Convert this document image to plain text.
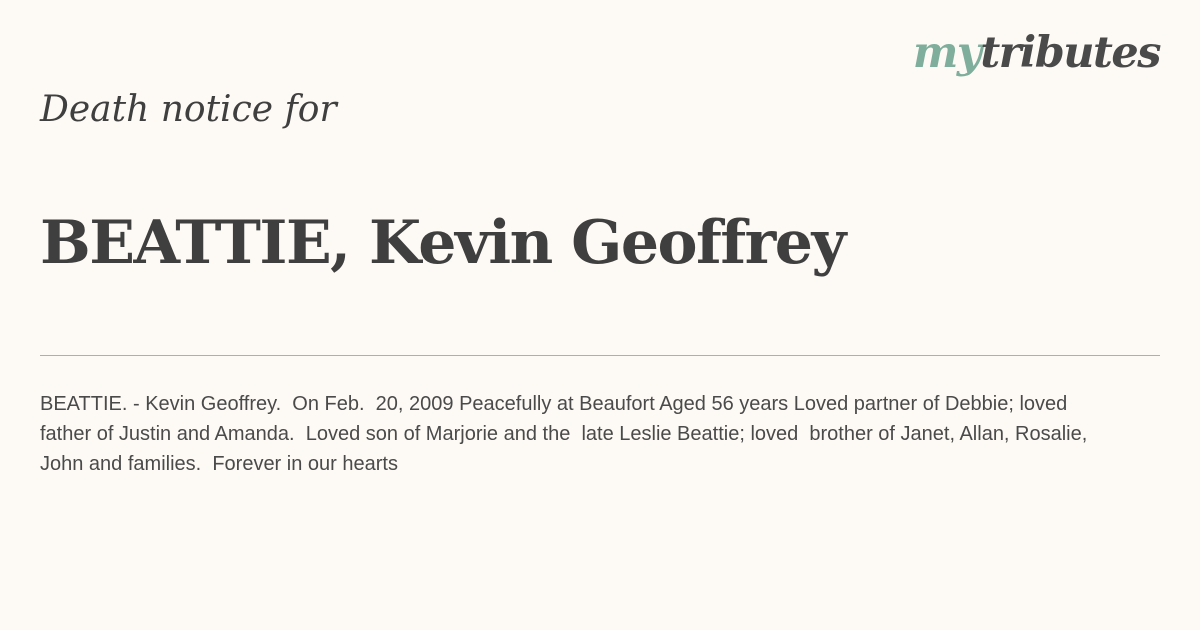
mytributes
Death notice for
BEATTIE, Kevin Geoffrey
BEATTIE. - Kevin Geoffrey.  On Feb.  20, 2009 Peacefully at Beaufort Aged 56 years Loved partner of Debbie; loved  father of Justin and Amanda.  Loved son of Marjorie and the  late Leslie Beattie; loved  brother of Janet, Allan, Rosalie,  John and families.  Forever in our hearts
